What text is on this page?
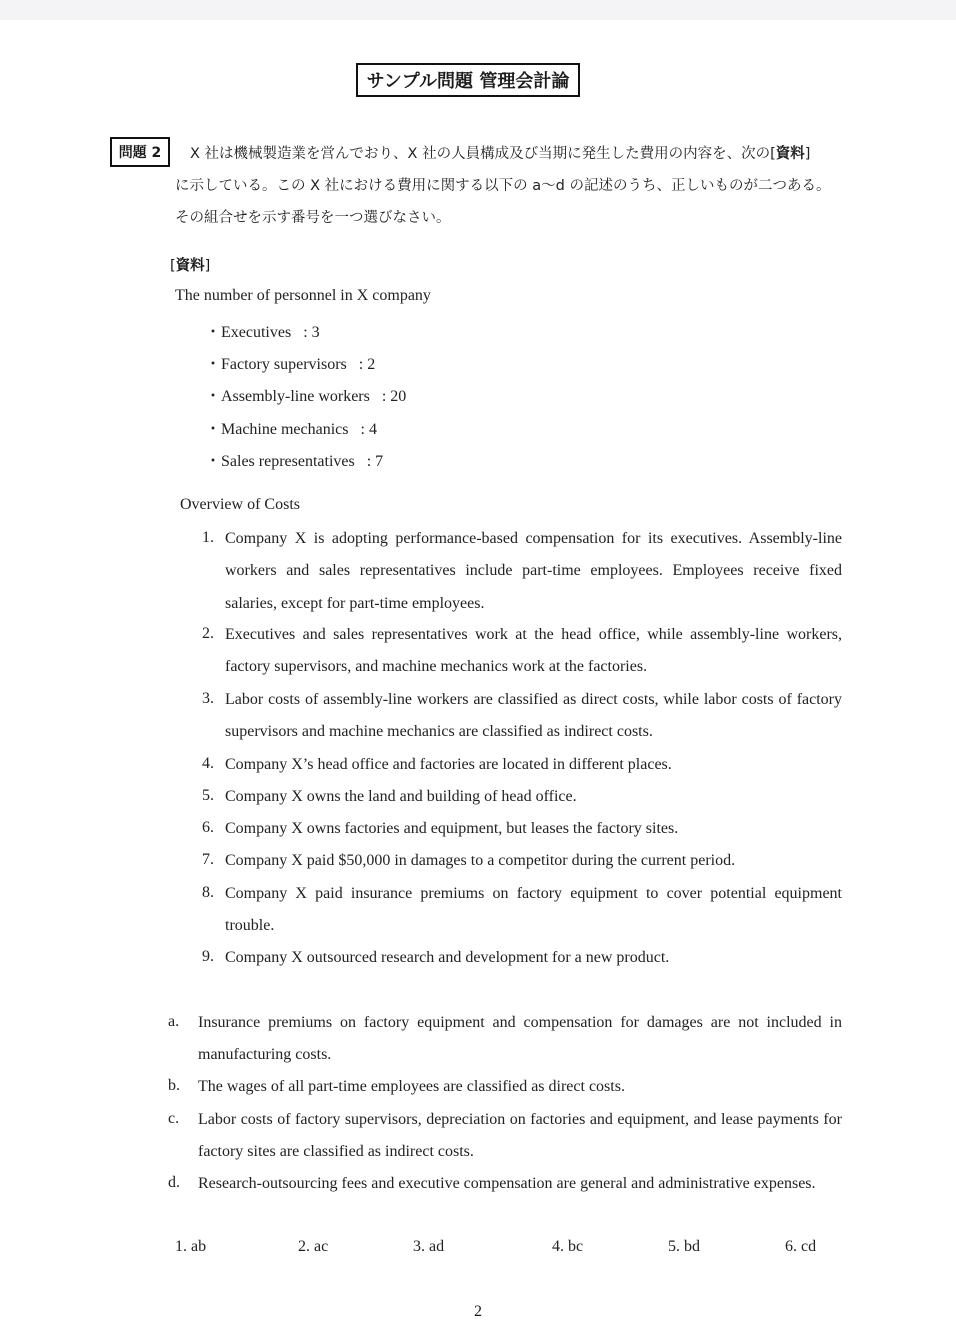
サンプル問題 管理会計論
問題 2	X 社は機械製造業を営んでおり、X 社の人員構成及び当期に発生した費用の内容を、次の[資料]
に示している。この X 社における費用に関する以下の a～d の記述のうち、正しいものが二つある。
その組合せを示す番号を一つ選びなさい。
[資料]
The number of personnel in X company
・Executives   : 3
・Factory supervisors   : 2
・Assembly-line workers   : 20
・Machine mechanics   : 4
・Sales representatives   : 7
Overview of Costs
1. Company X is adopting performance-based compensation for its executives. Assembly-line workers and sales representatives include part-time employees. Employees receive fixed salaries, except for part-time employees.
2. Executives and sales representatives work at the head office, while assembly-line workers, factory supervisors, and machine mechanics work at the factories.
3. Labor costs of assembly-line workers are classified as direct costs, while labor costs of factory supervisors and machine mechanics are classified as indirect costs.
4. Company X’s head office and factories are located in different places.
5. Company X owns the land and building of head office.
6. Company X owns factories and equipment, but leases the factory sites.
7. Company X paid $50,000 in damages to a competitor during the current period.
8. Company X paid insurance premiums on factory equipment to cover potential equipment trouble.
9. Company X outsourced research and development for a new product.
a. Insurance premiums on factory equipment and compensation for damages are not included in manufacturing costs.
b. The wages of all part-time employees are classified as direct costs.
c. Labor costs of factory supervisors, depreciation on factories and equipment, and lease payments for factory sites are classified as indirect costs.
d. Research-outsourcing fees and executive compensation are general and administrative expenses.
1. ab	2. ac	3. ad	4. bc	5. bd	6. cd
2
